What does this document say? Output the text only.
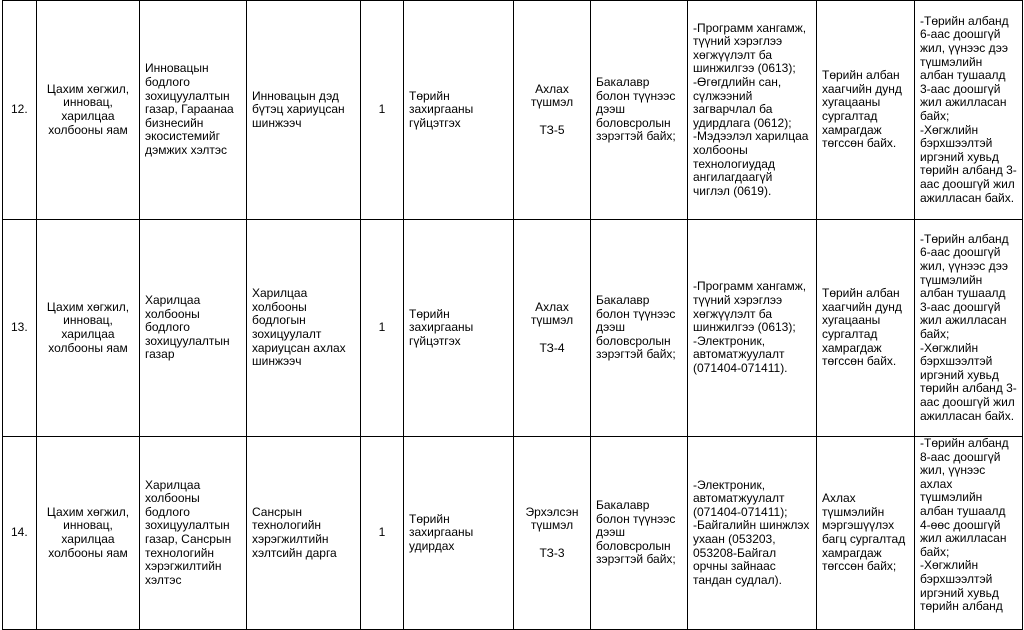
12.	Цахим хөгжил, инновац, харилцаа холбооны яам	Инновацын бодлого зохицуулалтын газар, Гараанаа бизнесийн экосистемийг дэмжих хэлтэс	Инновацын дэд бүтэц хариуцсан шинжээч	1	Төрийн захиргааны гүйцэтгэх	Ахлах түшмэл
ТЗ-5	Бакалавр болон түүнээс дээш боловсролын зэрэгтэй байх;	-Программ хангамж, түүний хэрэглээ хөгжүүлэлт ба шинжилгээ (0613);
-Өгөгдлийн сан, сүлжээний загварчлал ба удирдлага (0612);
-Мэдээлэл харилцаа холбооны технологиудад ангилагдаагүй чиглэл (0619).	Төрийн албан хаагчийн дунд хугацааны сургалтад хамрагдаж төгссөн байх.	-Төрийн албанд 6-аас доошгүй жил, үүнээс дээ түшмэлийн албан тушаалд 3-аас доошгүй жил ажилласан байх;
-Хөгжлийн бэрхшээлтэй иргэний хувьд төрийн албанд 3-аас доошгүй жил ажилласан байх.

13.	Цахим хөгжил, инновац, харилцаа холбооны яам	Харилцаа холбооны бодлого зохицуулалтын газар	Харилцаа холбооны бодлогын зохицуулалт хариуцсан ахлах шинжээч	1	Төрийн захиргааны гүйцэтгэх	Ахлах түшмэл
ТЗ-4	Бакалавр болон түүнээс дээш боловсролын зэрэгтэй байх;	-Программ хангамж, түүний хэрэглээ хөгжүүлэлт ба шинжилгээ (0613);
-Электроник, автоматжуулалт (071404-071411).	Төрийн албан хаагчийн дунд хугацааны сургалтад хамрагдаж төгссөн байх.	-Төрийн албанд 6-аас доошгүй жил, үүнээс дээ түшмэлийн албан тушаалд 3-аас доошгүй жил ажилласан байх;
-Хөгжлийн бэрхшээлтэй иргэний хувьд төрийн албанд 3-аас доошгүй жил ажилласан байх.

14.	Цахим хөгжил, инновац, харилцаа холбооны яам	Харилцаа холбооны бодлого зохицуулалтын газар, Сансрын технологийн хэрэгжилтийн хэлтэс	Сансрын технологийн хэрэгжилтийн хэлтсийн дарга	1	Төрийн захиргааны удирдах	Эрхэлсэн түшмэл
ТЗ-3	Бакалавр болон түүнээс дээш боловсролын зэрэгтэй байх;	-Электроник, автоматжуулалт (071404-071411);
-Байгалийн шинжлэх ухаан (053203, 053208-Байгал орчны зайнаас тандан судлал).	Ахлах түшмэлийн мэргэшүүлэх багц сургалтад хамрагдаж төгссөн байх;	-Төрийн албанд 8-аас доошгүй жил, үүнээс ахлах түшмэлийн албан тушаалд 4-өөс доошгүй жил ажилласан байх;
-Хөгжлийн бэрхшээлтэй иргэний хувьд төрийн албанд
